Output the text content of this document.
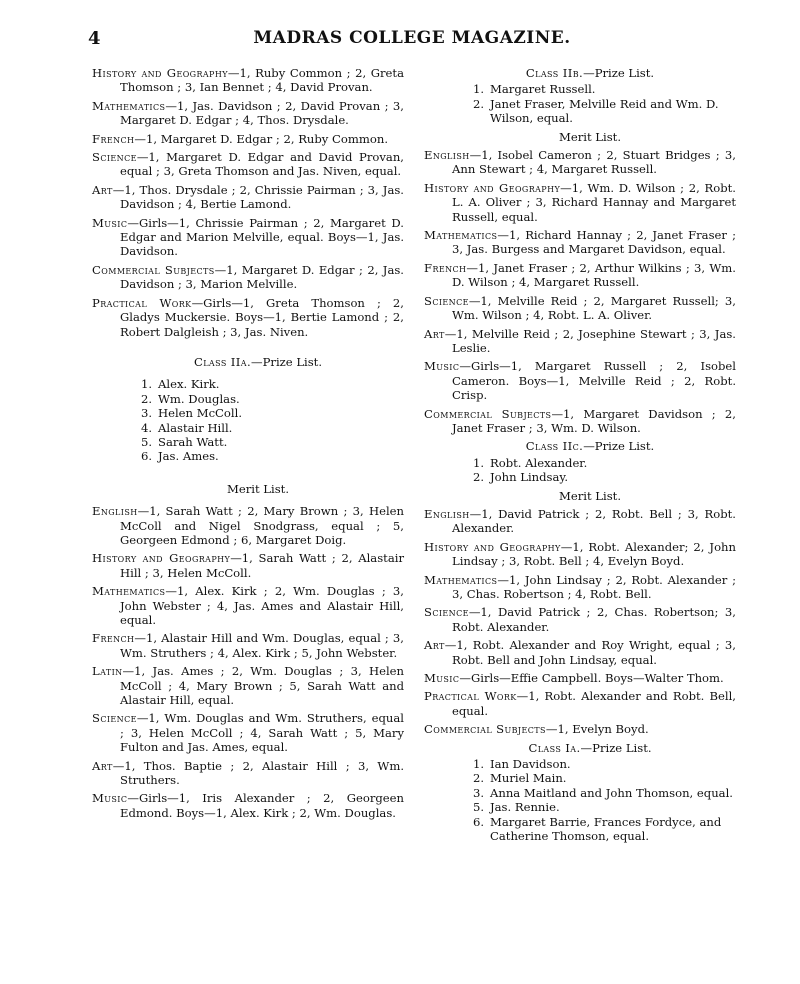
4	MADRAS COLLEGE MAGAZINE.

History and Geography—1, Ruby Common ; 2, Greta Thomson ; 3, Ian Bennet ; 4, David Provan.

Mathematics—1, Jas. Davidson ; 2, David Provan ; 3, Margaret D. Edgar ; 4, Thos. Drysdale.

French—1, Margaret D. Edgar ; 2, Ruby Common.

Science—1, Margaret D. Edgar and David Provan, equal ; 3, Greta Thomson and Jas. Niven, equal.

Art—1, Thos. Drysdale ; 2, Chrissie Pairman ; 3, Jas. Davidson ; 4, Bertie Lamond.

Music—Girls—1, Chrissie Pairman ; 2, Margaret D. Edgar and Marion Melville, equal. Boys—1, Jas. Davidson.

Commercial Subjects—1, Margaret D. Edgar ; 2, Jas. Davidson ; 3, Marion Melville.

Practical Work—Girls—1, Greta Thomson ; 2, Gladys Muckersie. Boys—1, Bertie Lamond ; 2, Robert Dalgleish ; 3, Jas. Niven.

Class IIa.—Prize List.
1. Alex. Kirk.
2. Wm. Douglas.
3. Helen McColl.
4. Alastair Hill.
5. Sarah Watt.
6. Jas. Ames.
Merit List.

English—1, Sarah Watt ; 2, Mary Brown ; 3, Helen McColl and Nigel Snodgrass, equal ; 5, Georgeen Edmond ; 6, Margaret Doig.

History and Geography—1, Sarah Watt ; 2, Alastair Hill ; 3, Helen McColl.

Mathematics—1, Alex. Kirk ; 2, Wm. Douglas ; 3, John Webster ; 4, Jas. Ames and Alastair Hill, equal.

French—1, Alastair Hill and Wm. Douglas, equal ; 3, Wm. Struthers ; 4, Alex. Kirk ; 5, John Webster.

Latin—1, Jas. Ames ; 2, Wm. Douglas ; 3, Helen McColl ; 4, Mary Brown ; 5, Sarah Watt and Alastair Hill, equal.

Science—1, Wm. Douglas and Wm. Struthers, equal ; 3, Helen McColl ; 4, Sarah Watt ; 5, Mary Fulton and Jas. Ames, equal.

Art—1, Thos. Baptie ; 2, Alastair Hill ; 3, Wm. Struthers.

Music—Girls—1, Iris Alexander ; 2, Georgeen Edmond. Boys—1, Alex. Kirk ; 2, Wm. Douglas.

Class IIb.—Prize List.
1. Margaret Russell.
2. Janet Fraser, Melville Reid and Wm. D. Wilson, equal.
Merit List.

English—1, Isobel Cameron ; 2, Stuart Bridges ; 3, Ann Stewart ; 4, Margaret Russell.

History and Geography—1, Wm. D. Wilson ; 2, Robt. L. A. Oliver ; 3, Richard Hannay and Margaret Russell, equal.

Mathematics—1, Richard Hannay ; 2, Janet Fraser ; 3, Jas. Burgess and Margaret Davidson, equal.

French—1, Janet Fraser ; 2, Arthur Wilkins ; 3, Wm. D. Wilson ; 4, Margaret Russell.

Science—1, Melville Reid ; 2, Margaret Russell; 3, Wm. Wilson ; 4, Robt. L. A. Oliver.

Art—1, Melville Reid ; 2, Josephine Stewart ; 3, Jas. Leslie.

Music—Girls—1, Margaret Russell ; 2, Isobel Cameron. Boys—1, Melville Reid ; 2, Robt. Crisp.

Commercial Subjects—1, Margaret Davidson ; 2, Janet Fraser ; 3, Wm. D. Wilson.

Class IIc.—Prize List.
1. Robt. Alexander.
2. John Lindsay.
Merit List.

English—1, David Patrick ; 2, Robt. Bell ; 3, Robt. Alexander.

History and Geography—1, Robt. Alexander; 2, John Lindsay ; 3, Robt. Bell ; 4, Evelyn Boyd.

Mathematics—1, John Lindsay ; 2, Robt. Alexander ; 3, Chas. Robertson ; 4, Robt. Bell.

Science—1, David Patrick ; 2, Chas. Robertson; 3, Robt. Alexander.

Art—1, Robt. Alexander and Roy Wright, equal ; 3, Robt. Bell and John Lindsay, equal.

Music—Girls—Effie Campbell. Boys—Walter Thom.

Practical Work—1, Robt. Alexander and Robt. Bell, equal.

Commercial Subjects—1, Evelyn Boyd.

Class Ia.—Prize List.
1. Ian Davidson.
2. Muriel Main.
3. Anna Maitland and John Thomson, equal.
5. Jas. Rennie.
6. Margaret Barrie, Frances Fordyce, and Catherine Thomson, equal.
